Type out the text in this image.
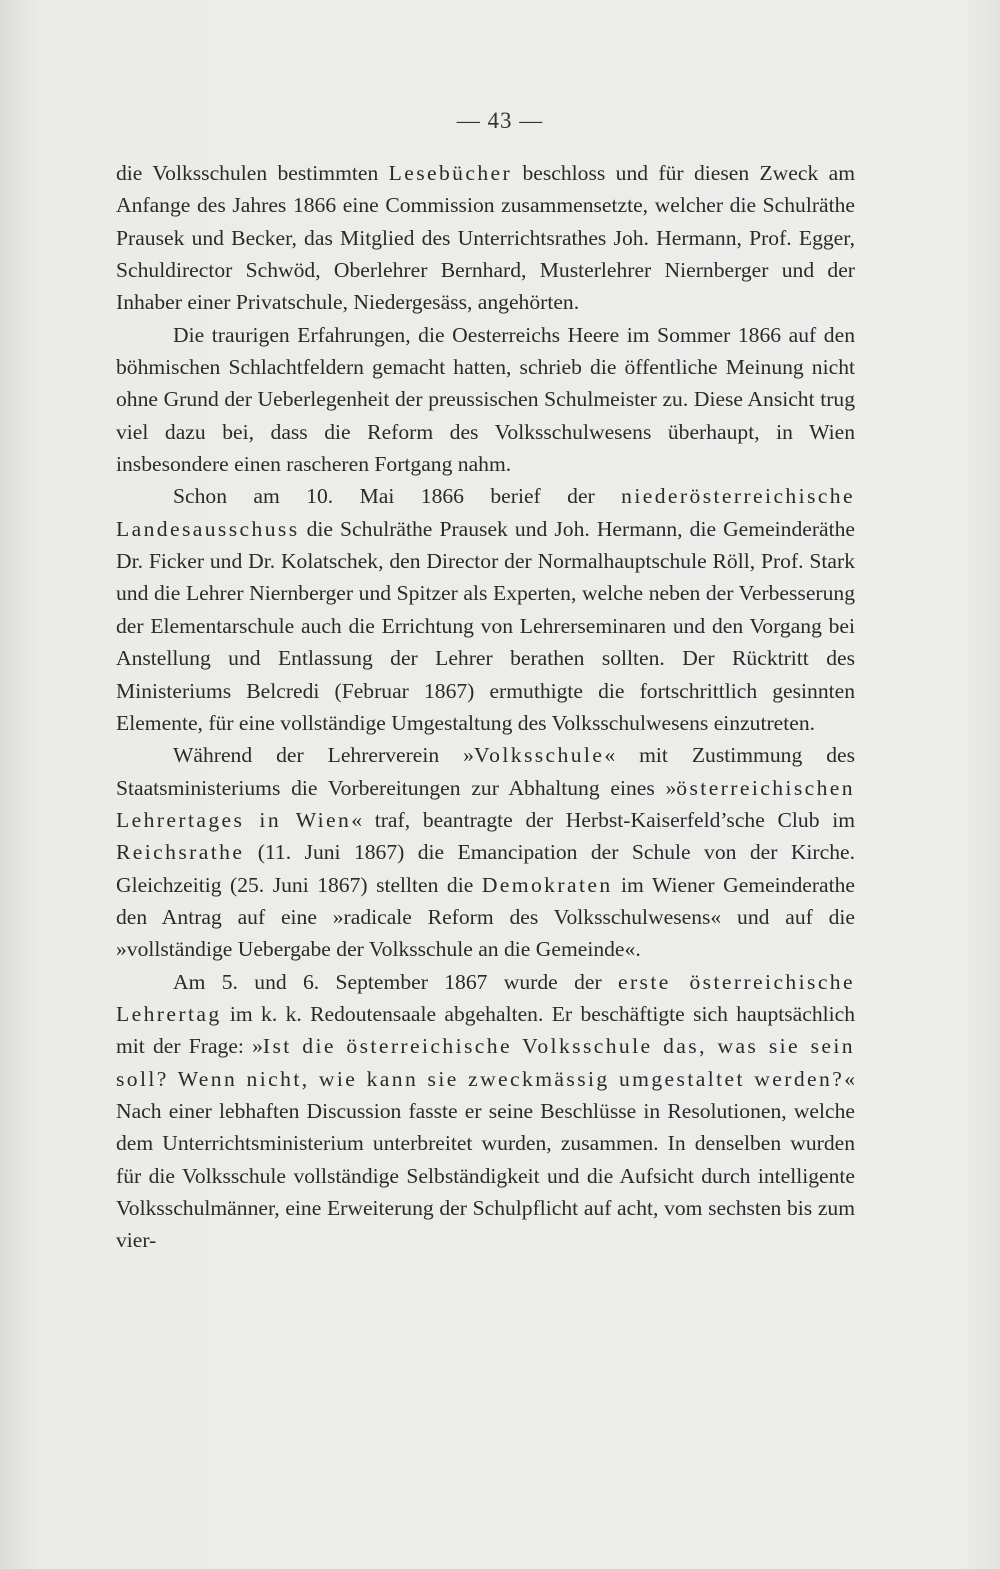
— 43 —

die Volksschulen bestimmten Lesebücher beschloss und für diesen Zweck am Anfange des Jahres 1866 eine Commission zusammensetzte, welcher die Schulräthe Prausek und Becker, das Mitglied des Unterrichtsrathes Joh. Hermann, Prof. Egger, Schuldirector Schwöd, Oberlehrer Bernhard, Musterlehrer Niernberger und der Inhaber einer Privatschule, Niedergesäss, angehörten.

Die traurigen Erfahrungen, die Oesterreichs Heere im Sommer 1866 auf den böhmischen Schlachtfeldern gemacht hatten, schrieb die öffentliche Meinung nicht ohne Grund der Ueberlegenheit der preussischen Schulmeister zu. Diese Ansicht trug viel dazu bei, dass die Reform des Volksschulwesens überhaupt, in Wien insbesondere einen rascheren Fortgang nahm.

Schon am 10. Mai 1866 berief der niederösterreichische Landesausschuss die Schulräthe Prausek und Joh. Hermann, die Gemeinderäthe Dr. Ficker und Dr. Kolatschek, den Director der Normalhauptschule Röll, Prof. Stark und die Lehrer Niernberger und Spitzer als Experten, welche neben der Verbesserung der Elementarschule auch die Errichtung von Lehrerseminaren und den Vorgang bei Anstellung und Entlassung der Lehrer berathen sollten. Der Rücktritt des Ministeriums Belcredi (Februar 1867) ermuthigte die fortschrittlich gesinnten Elemente, für eine vollständige Umgestaltung des Volksschulwesens einzutreten.

Während der Lehrerverein »Volksschule« mit Zustimmung des Staatsministeriums die Vorbereitungen zur Abhaltung eines »österreichischen Lehrertages in Wien« traf, beantragte der Herbst-Kaiserfeld’sche Club im Reichsrathe (11. Juni 1867) die Emancipation der Schule von der Kirche. Gleichzeitig (25. Juni 1867) stellten die Demokraten im Wiener Gemeinderathe den Antrag auf eine »radicale Reform des Volksschulwesens« und auf die »vollständige Uebergabe der Volksschule an die Gemeinde«.

Am 5. und 6. September 1867 wurde der erste österreichische Lehrertag im k. k. Redoutensaale abgehalten. Er beschäftigte sich hauptsächlich mit der Frage: »Ist die österreichische Volksschule das, was sie sein soll? Wenn nicht, wie kann sie zweckmässig umgestaltet werden?« Nach einer lebhaften Discussion fasste er seine Beschlüsse in Resolutionen, welche dem Unterrichtsministerium unterbreitet wurden, zusammen. In denselben wurden für die Volksschule vollständige Selbständigkeit und die Aufsicht durch intelligente Volksschulmänner, eine Erweiterung der Schulpflicht auf acht, vom sechsten bis zum vier-
